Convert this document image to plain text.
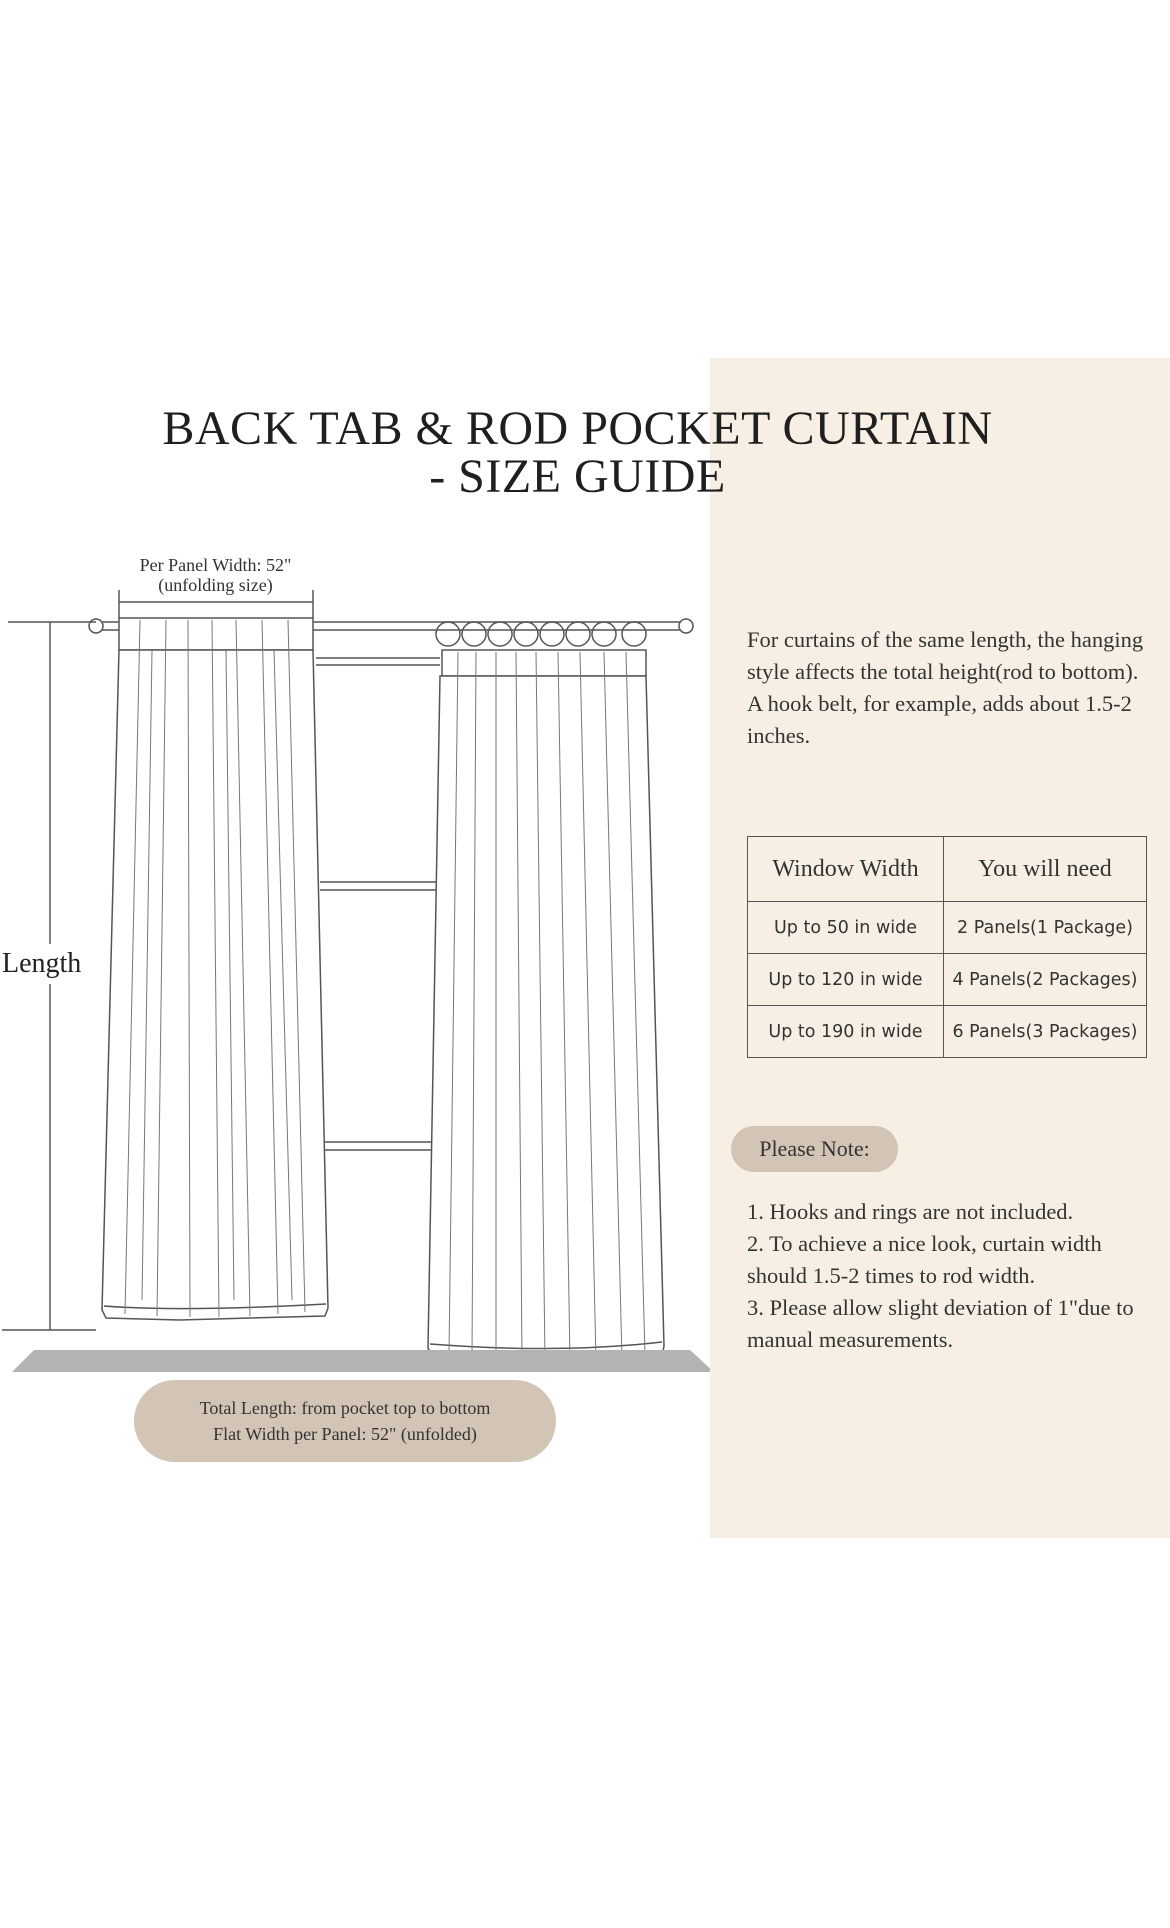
BACK TAB & ROD POCKET CURTAIN
- SIZE GUIDE
Per Panel Width: 52"
(unfolding size)
Length
Total Length: from pocket top to bottom
Flat Width per Panel: 52" (unfolded)
For curtains of the same length, the hanging style affects the total height(rod to bottom). A hook belt, for example, adds about 1.5-2 inches.
Window Width	You will need
Up to 50 in wide	2 Panels(1 Package)
Up to 120 in wide	4 Panels(2 Packages)
Up to 190 in wide	6 Panels(3 Packages)
Please Note:

1. Hooks and rings are not included.

2. To achieve a nice look, curtain width should 1.5-2 times to rod width.

3. Please allow slight deviation of 1"due to manual measurements.
